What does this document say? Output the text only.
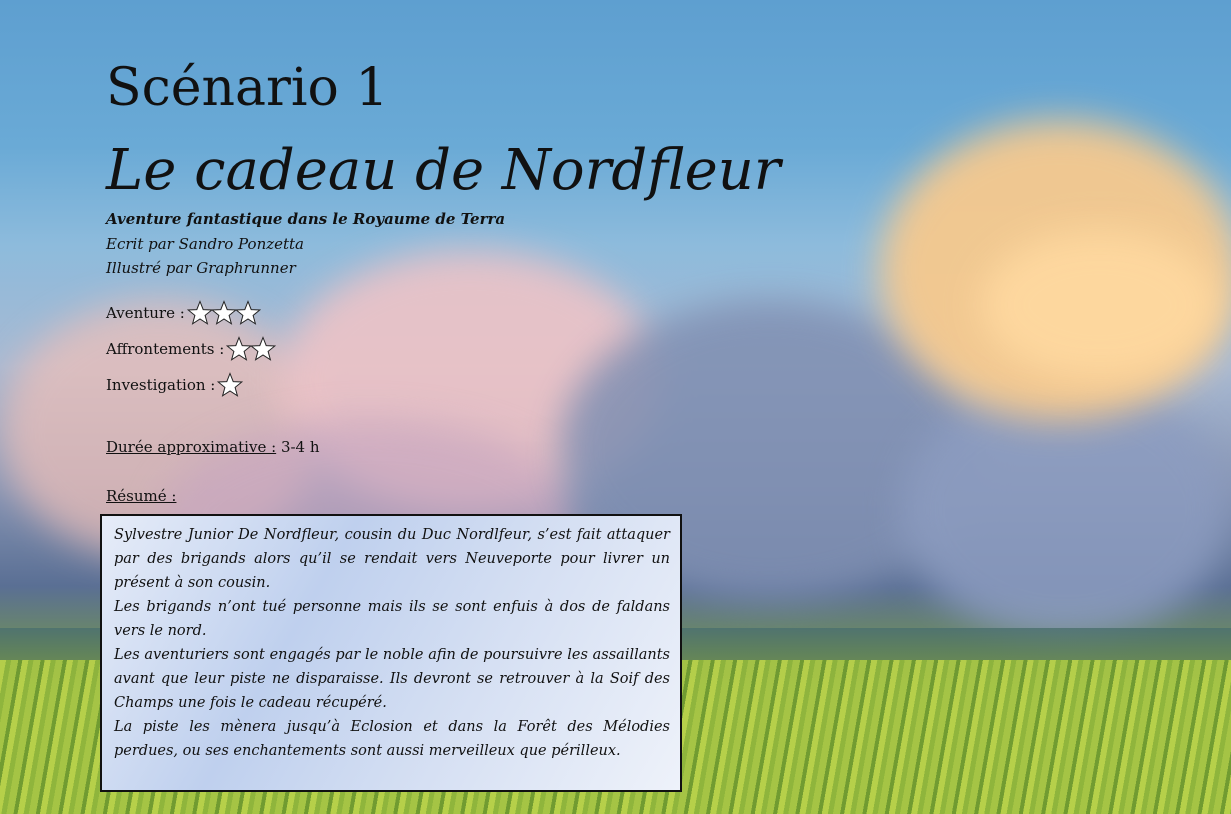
Scénario 1
Le cadeau de Nordfleur
Aventure fantastique dans le Royaume de Terra
Ecrit par Sandro Ponzetta
Illustré par Graphrunner
Aventure :
Affrontements :
Investigation :
Durée approximative : 3-4 h
Résumé :

Sylvestre Junior De Nordfleur, cousin du Duc Nordlfeur, s’est fait attaquer par des brigands alors qu’il se rendait vers Neuveporte pour livrer un présent à son cousin.

Les brigands n’ont tué personne mais ils se sont enfuis à dos de faldans vers le nord.

Les aventuriers sont engagés par le noble afin de poursuivre les assaillants avant que leur piste ne disparaisse. Ils devront se retrouver à la Soif des Champs une fois le cadeau récupéré.

La piste les mènera jusqu’à Eclosion et dans la Forêt des Mélodies perdues, ou ses enchantements sont aussi merveilleux que périlleux.
